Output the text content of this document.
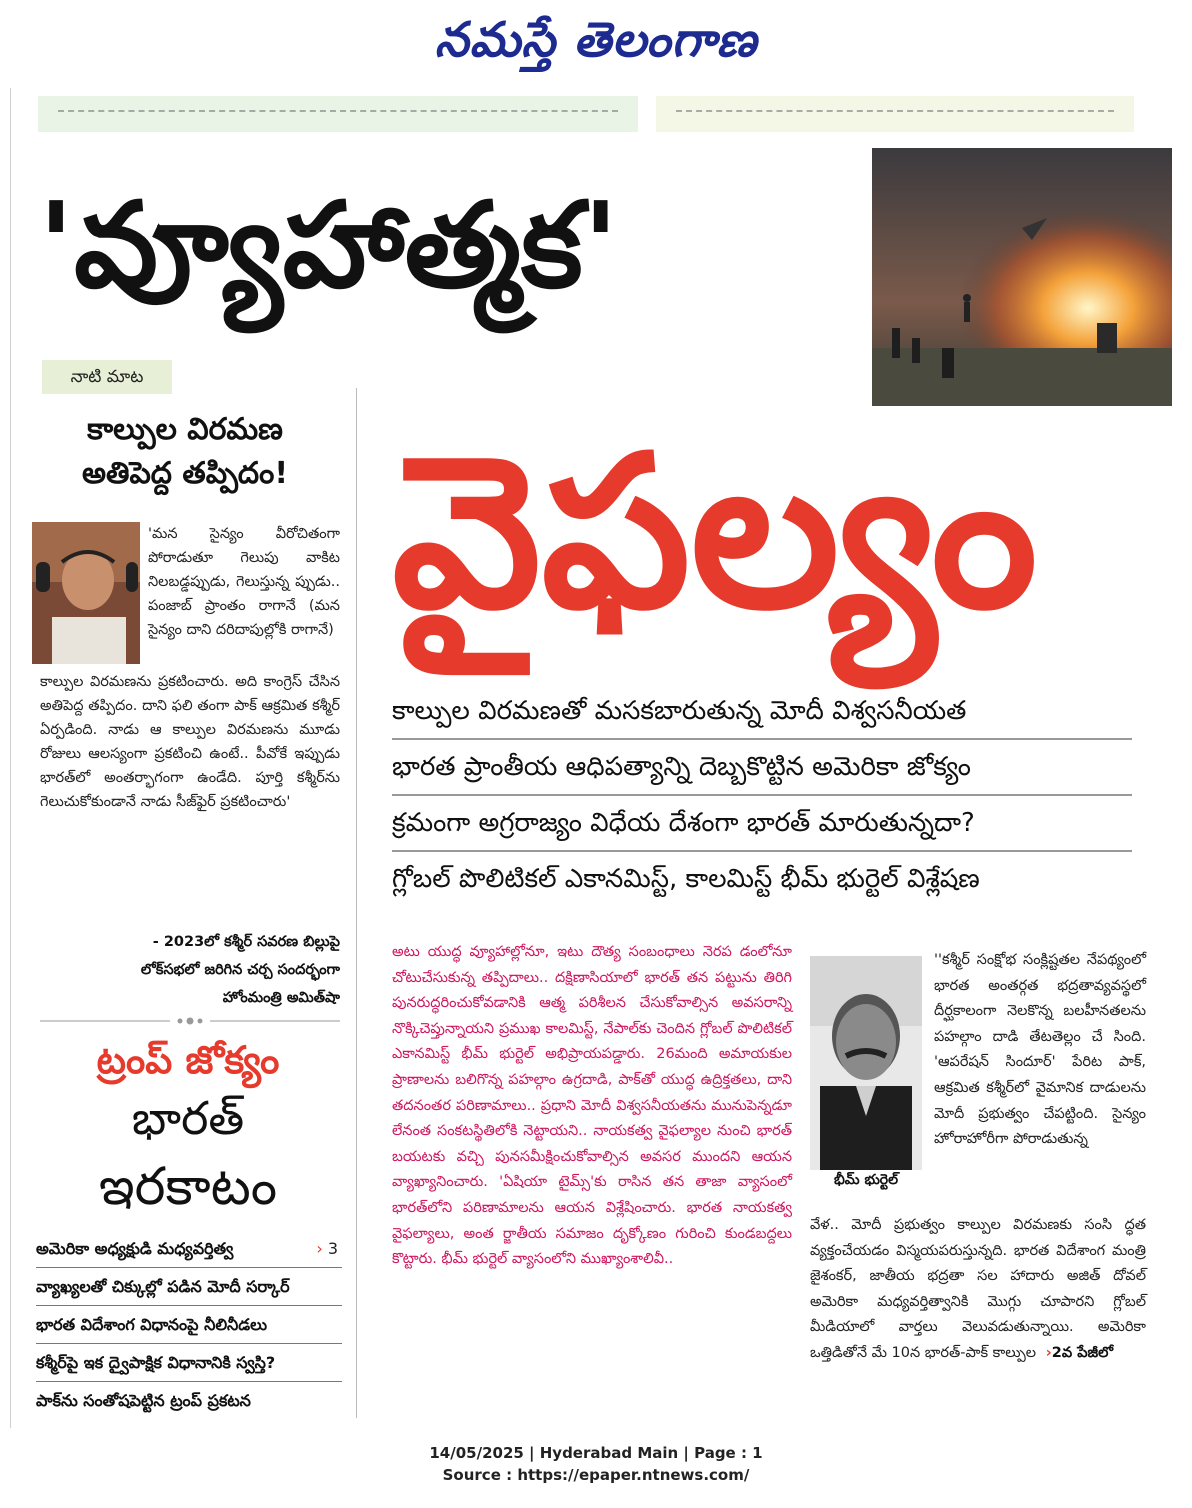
నమస్తే తెలంగాణ
'వ్యూహాత్మక'
నాటి మాట
వైఫల్యం
కాల్పుల విరమణ
అతిపెద్ద తప్పిదం!
'మన సైన్యం వీరోచితంగా పోరాడుతూ గెలుపు వాకిట నిలబడ్డప్పుడు, గెలుస్తున్న ప్పుడు.. పంజాబ్ ప్రాంతం రాగానే (మన సైన్యం దాని దరిదాపుల్లోకి రాగానే)
కాల్పుల విరమణను ప్రకటించారు. అది కాంగ్రెస్ చేసిన అతిపెద్ద తప్పిదం. దాని ఫలి తంగా పాక్ ఆక్రమిత కశ్మీర్ ఏర్పడింది. నాడు ఆ కాల్పుల విరమణను మూడు రోజులు ఆలస్యంగా ప్రకటించి ఉంటే.. పీవోకే ఇప్పుడు భారత్‌లో అంతర్భాగంగా ఉండేది. పూర్తి కశ్మీర్‌ను గెలుచుకోకుండానే నాడు సీజ్‌ఫైర్ ప్రకటించారు'
- 2023లో కశ్మీర్ సవరణ బిల్లుపై
లోక్‌సభలో జరిగిన చర్చ సందర్భంగా
హోంమంత్రి అమిత్‌షా
ట్రంప్ జోక్యం
భారత్
ఇరకాటం
అమెరికా అధ్యక్షుడి మధ్యవర్తిత్వ	› 3
వ్యాఖ్యలతో చిక్కుల్లో పడిన మోదీ సర్కార్
భారత విదేశాంగ విధానంపై నీలినీడలు
కశ్మీర్‌పై ఇక ద్వైపాక్షిక విధానానికి స్వస్తి?
పాక్‌ను సంతోషపెట్టిన ట్రంప్ ప్రకటన
కాల్పుల విరమణతో మసకబారుతున్న మోదీ విశ్వసనీయత
భారత ప్రాంతీయ ఆధిపత్యాన్ని దెబ్బకొట్టిన అమెరికా జోక్యం
క్రమంగా అగ్రరాజ్యం విధేయ దేశంగా భారత్ మారుతున్నదా?
గ్లోబల్ పొలిటికల్ ఎకానమిస్ట్, కాలమిస్ట్ భీమ్ భుర్టెల్ విశ్లేషణ
అటు యుద్ధ వ్యూహాల్లోనూ, ఇటు దౌత్య సంబంధాలు నెరప డంలోనూ చోటుచేసుకున్న తప్పిదాలు.. దక్షిణాసియాలో భారత్ తన పట్టును తిరిగి పునరుద్ధరించుకోవడానికి ఆత్మ పరిశీలన చేసుకోవాల్సిన అవసరాన్ని నొక్కిచెప్తున్నాయని ప్రముఖ కాలమిస్ట్, నేపాల్‌కు చెందిన గ్లోబల్ పొలిటికల్ ఎకానమిస్ట్ భీమ్ భుర్టెల్ అభిప్రాయపడ్డారు. 26మంది అమాయకుల ప్రాణాలను బలిగొన్న పహల్గాం ఉగ్రదాడి, పాక్‌తో యుద్ధ ఉద్రిక్తతలు, దాని తదనంతర పరిణామాలు.. ప్రధాని మోదీ విశ్వసనీయతను మునుపెన్నడూ లేనంత సంకటస్థితిలోకి నెట్టాయని.. నాయకత్వ వైఫల్యాల నుంచి భారత్ బయటకు వచ్చి పునసమీక్షించుకోవాల్సిన అవసర ముందని ఆయన వ్యాఖ్యానించారు. 'ఏషియా టైమ్స్'కు రాసిన తన తాజా వ్యాసంలో భారత్‌లోని పరిణామాలను ఆయన విశ్లేషించారు. భారత నాయకత్వ వైఫల్యాలు, అంత ర్జాతీయ సమాజం దృక్కోణం గురించి కుండబద్దలు కొట్టారు. భీమ్ భుర్టెల్ వ్యాసంలోని ముఖ్యాంశాలివీ..
భీమ్ భుర్టెల్
''కశ్మీర్ సంక్షోభ సంక్లిష్టతల నేపథ్యంలో భారత అంతర్గత భద్రతావ్యవస్థలో దీర్ఘకాలంగా నెలకొన్న బలహీనతలను పహల్గాం దాడి తేటతెల్లం చే సింది. 'ఆపరేషన్ సిందూర్' పేరిట పాక్, ఆక్రమిత కశ్మీర్‌లో వైమానిక దాడులను మోదీ ప్రభుత్వం చేపట్టింది. సైన్యం హోరాహోరీగా పోరాడుతున్న
వేళ.. మోదీ ప్రభుత్వం కాల్పుల విరమణకు సంసి ద్ధత వ్యక్తంచేయడం విస్మయపరుస్తున్నది. భారత విదేశాంగ మంత్రి జైశంకర్, జాతీయ భద్రతా సల హాదారు అజిత్ దోవల్ అమెరికా మధ్యవర్తిత్వానికి మొగ్గు చూపారని గ్లోబల్ మీడియాలో వార్తలు వెలువడుతున్నాయి. అమెరికా ఒత్తిడితోనే మే 10న భారత్-పాక్ కాల్పుల ›2వ పేజీలో
14/05/2025 | Hyderabad Main | Page : 1
Source : https://epaper.ntnews.com/
